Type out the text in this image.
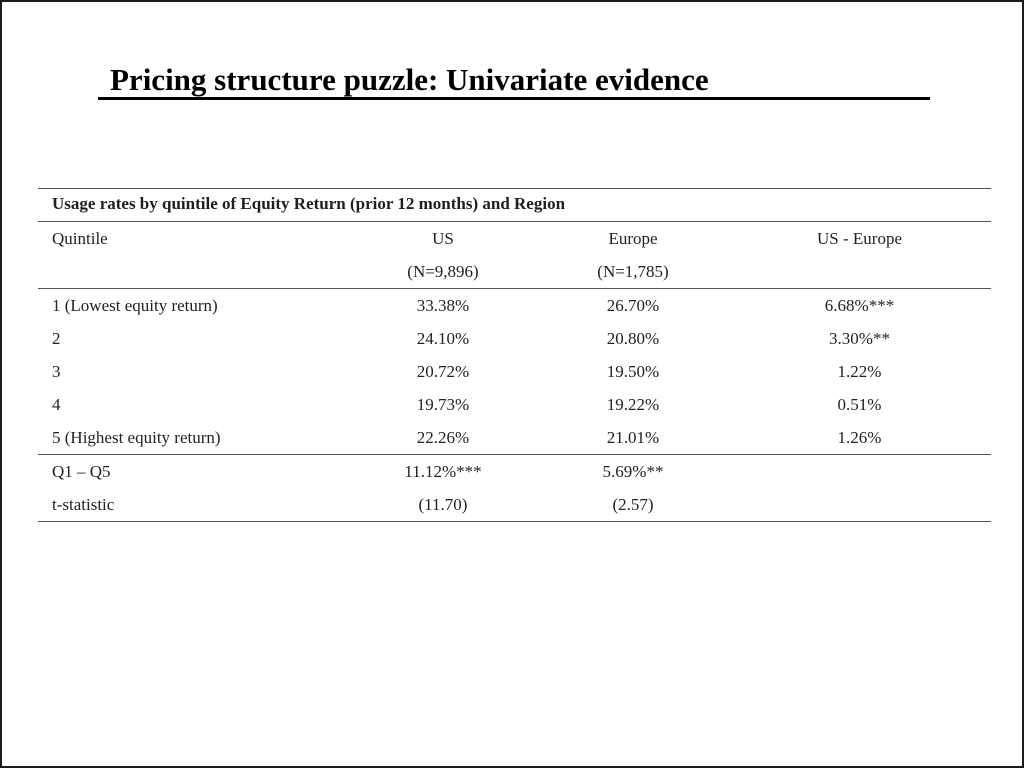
Pricing structure puzzle: Univariate evidence
Usage rates by quintile of Equity Return (prior 12 months) and Region
Quintile	US	Europe	US - Europe
	(N=9,896)	(N=1,785)	
1 (Lowest equity return)	33.38%	26.70%	6.68%***
2	24.10%	20.80%	3.30%**
3	20.72%	19.50%	1.22%
4	19.73%	19.22%	0.51%
5 (Highest equity return)	22.26%	21.01%	1.26%
Q1 – Q5	11.12%***	5.69%**	
t-statistic	(11.70)	(2.57)	
